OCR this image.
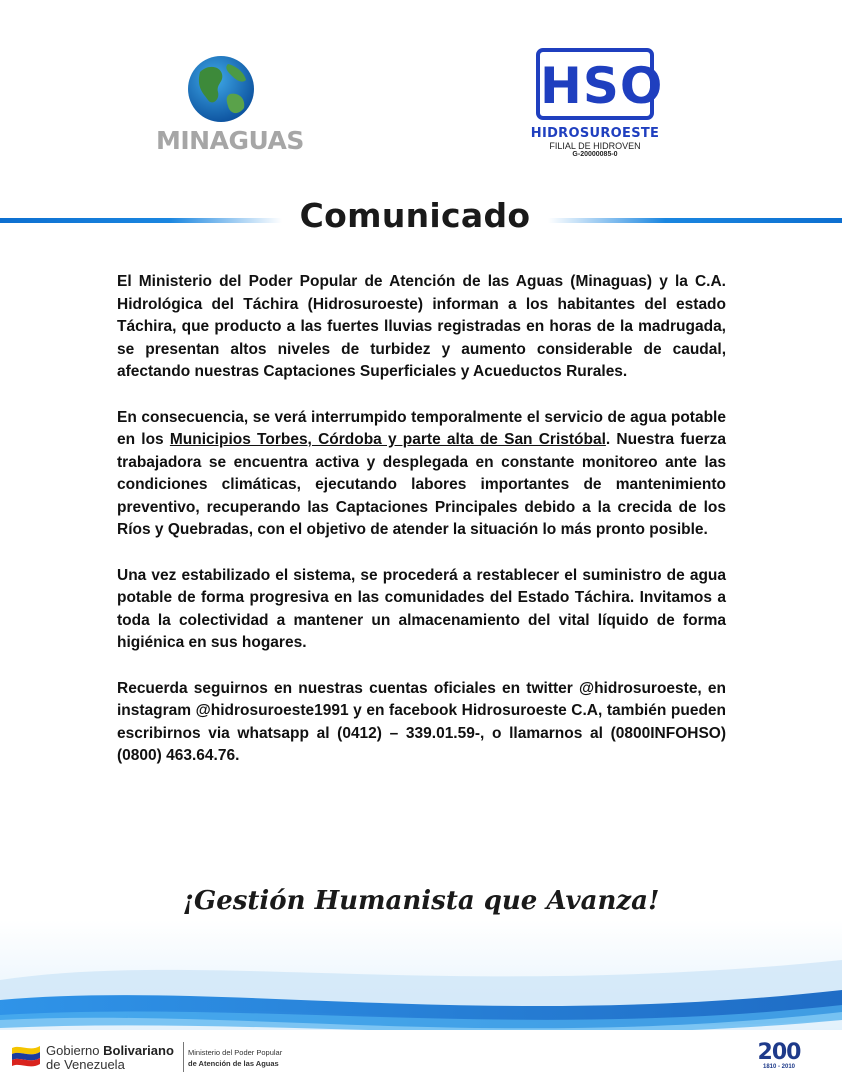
MINAGUAS
HSO
HIDROSUROESTE
FILIAL DE HIDROVEN
G-20000085-0
Comunicado

El Ministerio del Poder Popular de Atención de las Aguas (Minaguas) y la C.A. Hidrológica del Táchira (Hidrosuroeste) informan a los habitantes del estado Táchira, que producto a las fuertes lluvias registradas en horas de la madrugada, se presentan altos niveles de turbidez y aumento considerable de caudal, afectando nuestras Captaciones Superficiales y Acueductos Rurales.

En consecuencia, se verá interrumpido temporalmente el servicio de agua potable en los Municipios Torbes, Córdoba y parte alta de San Cristóbal. Nuestra fuerza trabajadora se encuentra activa y desplegada en constante monitoreo ante las condiciones climáticas, ejecutando labores importantes de mantenimiento preventivo, recuperando las Captaciones Principales debido a la crecida de los Ríos y Quebradas, con el objetivo de atender la situación lo más pronto posible.

Una vez estabilizado el sistema, se procederá a restablecer el suministro de agua potable de forma progresiva en las comunidades del Estado Táchira. Invitamos a toda la colectividad a mantener un almacenamiento del vital líquido de forma higiénica en sus hogares.

Recuerda seguirnos en nuestras cuentas oficiales en twitter @hidrosuroeste, en instagram @hidrosuroeste1991 y en facebook Hidrosuroeste C.A, también pueden escribirnos via whatsapp al (0412) – 339.01.59-, o llamarnos al (0800INFOHSO) (0800) 463.64.76.

¡Gestión Humanista que Avanza!
Gobierno Bolivariano
de Venezuela
Ministerio del Poder Popular
de Atención de las Aguas	200
1810 - 2010
